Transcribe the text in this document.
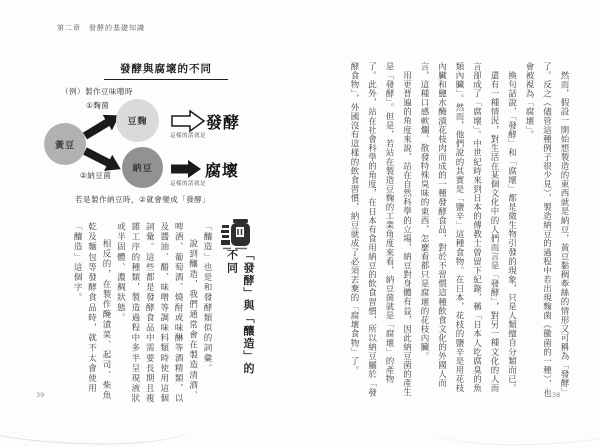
第二章　發酵的基礎知識
發酵與腐壞的不同
（例）製作豆味噌時
黃豆
豆麴
納豆
①麴菌
②納豆菌
發酵
腐壞
這樣的話就是
這樣的話就是
若是製作納豆時，②就會變成「發酵」
「發酵」與「釀造」的
不同

「釀造」也是和發酵類似的詞彙。

說到釀造，我們通常會在製造清酒、啤酒、葡萄酒、燒酎或味醂等酒精類，以及醬油、醋、味噌等調味料類時使用這個詞彙。這些都是發酵食品中需要長期且複雜工序的種類，製造過程中多半呈現液狀或半固體、濃稠狀態。

相反的，在製作醃漬菜、起司、柴魚乾及麵包等發酵食品時，就不太會使用「釀造」這個字。	然而，假設一開始想製造的東西就是納豆，黃豆黏稠牽絲的情形又可稱為「發酵」了。反之（儘管這種例子很少見），製造納豆的過程中若出現麴菌（黴菌的一種），也會被視為「腐壞」。

換句話說，「發酵」和「腐壞」都是微生物引發的現象，只是人類擅自分類而已。

還有一種情況，對生活在某個文化中的人們而言是「發酵」，對另一種文化的人而言卻成了「腐壞」。中世紀時來到日本的傳教士曾留下紀錄，稱「日本人吃腐臭的魚類內臟」。然而，他們說的其實是「鹽辛」這種食物。在日本，花枝的鹽辛是用花枝內臟和鹽水醃漬花枝肉而成的一種發酵食品，對於不習慣這種飲食文化的外國人而言，這種口感軟爛、散發特殊臭味的東西，怎麼看都只是腐壞的花枝內臟。

用更普遍的角度來說，站在自然科學的立場，納豆對身體有益，因此納豆菌的產生是「發酵」。但是，若站在製造豆麴的工業角度來看，納豆菌就是「腐壞」的產物了。此外，站在社會科學的角度，在日本有食用納豆的飲食習慣，所以納豆屬於「發酵食物」，外國沒有這樣的飲食習慣，納豆就成了必須丟棄的「腐壞食物」了。

39	38
